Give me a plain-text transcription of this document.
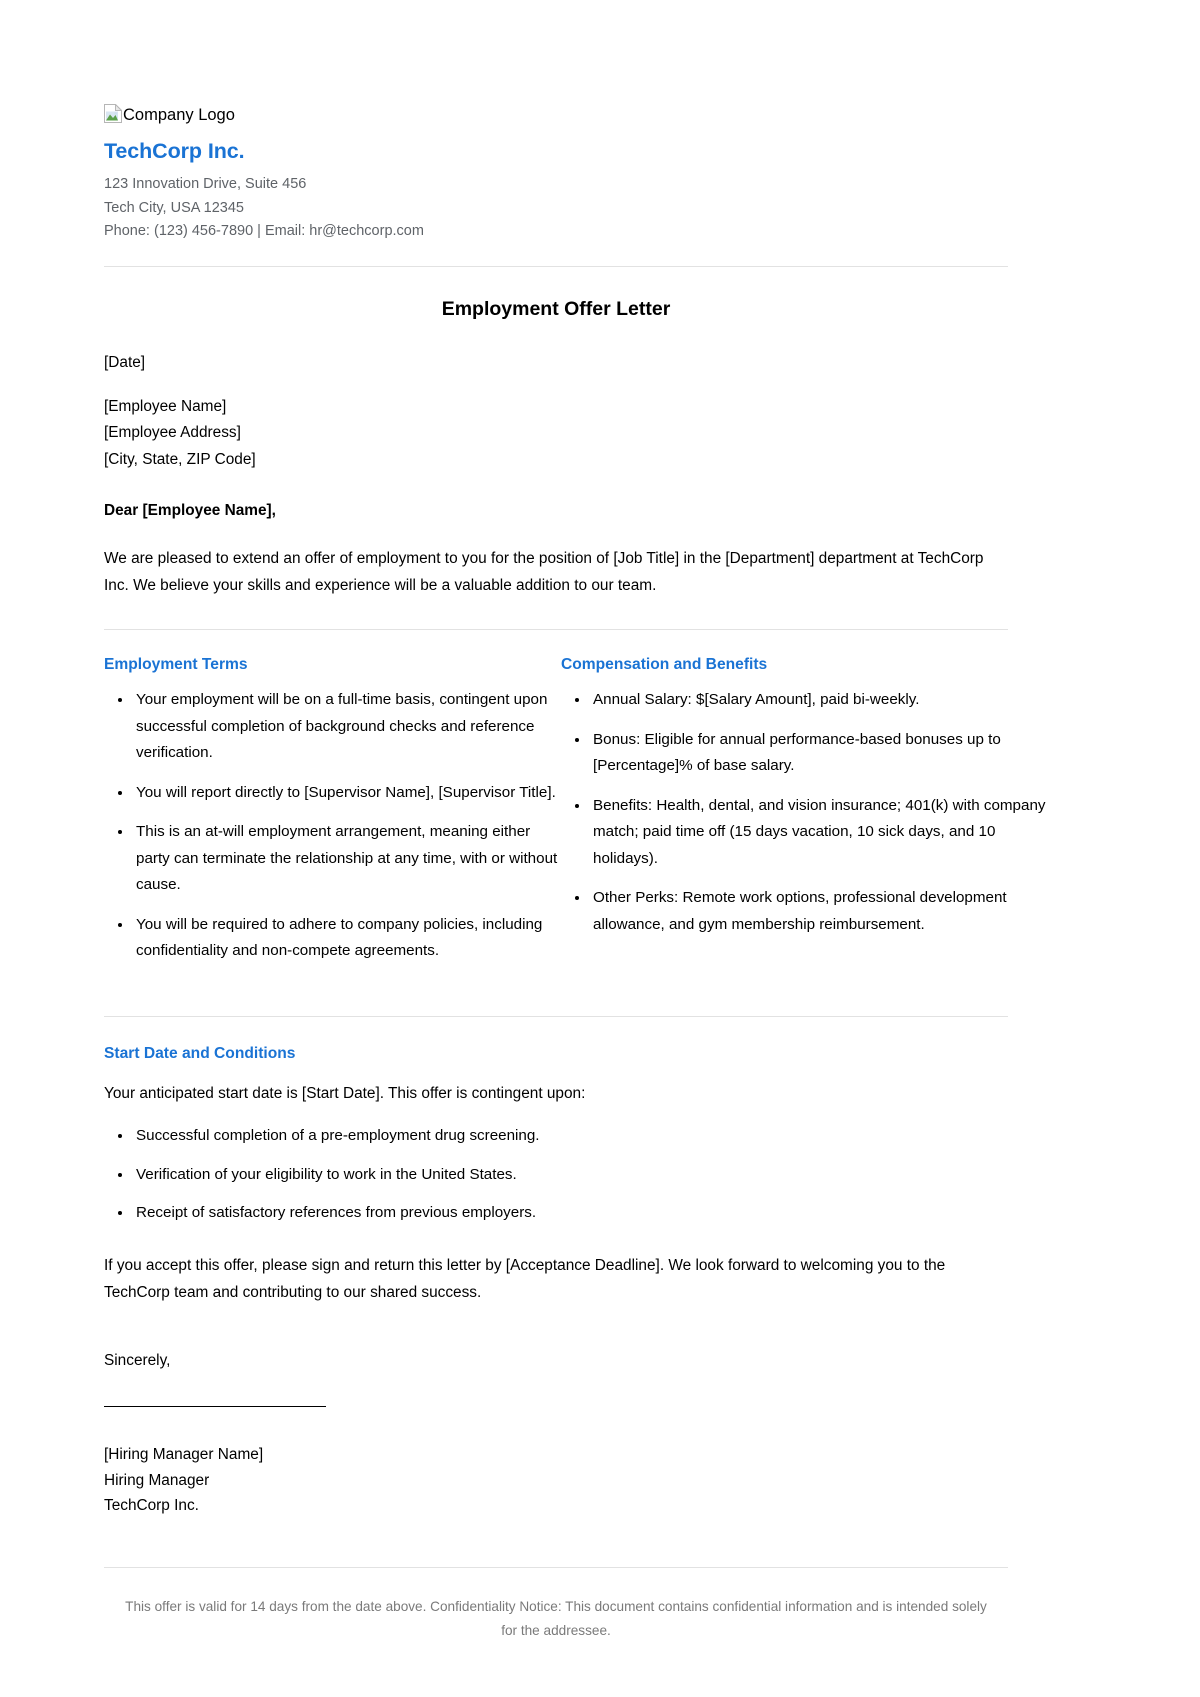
Company Logo
TechCorp Inc.

123 Innovation Drive, Suite 456

Tech City, USA 12345

Phone: (123) 456-7890 | Email: hr@techcorp.com

Employment Offer Letter

[Date]

[Employee Name]

[Employee Address]

[City, State, ZIP Code]

Dear [Employee Name],

We are pleased to extend an offer of employment to you for the position of [Job Title] in the [Department] department at TechCorp Inc. We believe your skills and experience will be a valuable addition to our team.

Employment Terms
• Your employment will be on a full-time basis, contingent upon successful completion of background checks and reference verification.
• You will report directly to [Supervisor Name], [Supervisor Title].
• This is an at-will employment arrangement, meaning either party can terminate the relationship at any time, with or without cause.
• You will be required to adhere to company policies, including confidentiality and non-compete agreements.
Compensation and Benefits
• Annual Salary: $[Salary Amount], paid bi-weekly.
• Bonus: Eligible for annual performance-based bonuses up to [Percentage]% of base salary.
• Benefits: Health, dental, and vision insurance; 401(k) with company match; paid time off (15 days vacation, 10 sick days, and 10 holidays).
• Other Perks: Remote work options, professional development allowance, and gym membership reimbursement.
Start Date and Conditions

Your anticipated start date is [Start Date]. This offer is contingent upon:

• Successful completion of a pre-employment drug screening.
• Verification of your eligibility to work in the United States.
• Receipt of satisfactory references from previous employers.

If you accept this offer, please sign and return this letter by [Acceptance Deadline]. We look forward to welcoming you to the TechCorp team and contributing to our shared success.

Sincerely,

[Hiring Manager Name]

Hiring Manager

TechCorp Inc.

This offer is valid for 14 days from the date above. Confidentiality Notice: This document contains confidential information and is intended solely for the addressee.
